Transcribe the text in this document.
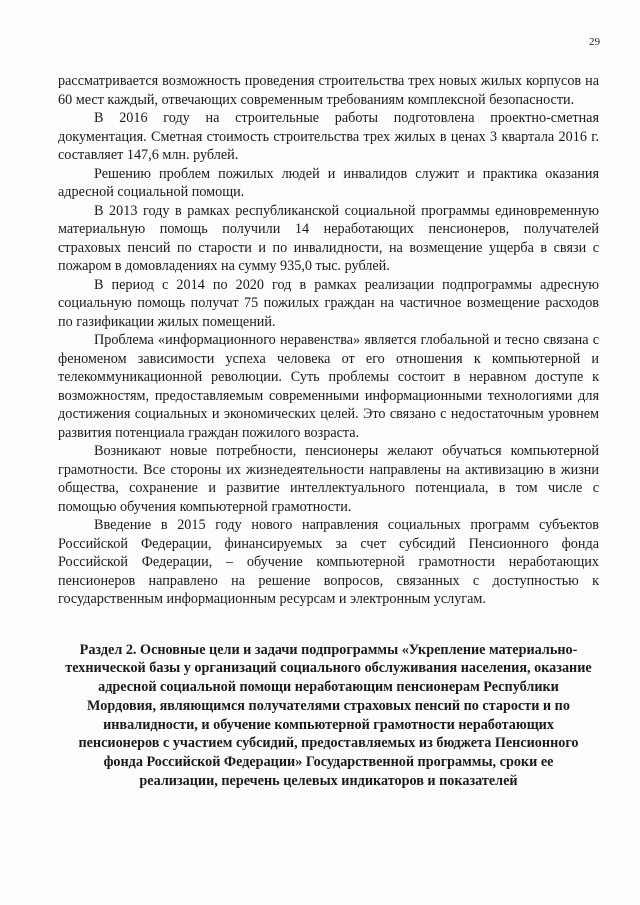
29

рассматривается возможность проведения строительства трех новых жилых корпусов на 60 мест каждый, отвечающих современным требованиям комплексной безопасности.

В 2016 году на строительные работы подготовлена проектно-сметная документация. Сметная стоимость строительства трех жилых в ценах 3 квартала 2016 г. составляет 147,6 млн. рублей.

Решению проблем пожилых людей и инвалидов служит и практика оказания адресной социальной помощи.

В 2013 году в рамках республиканской социальной программы единовременную материальную помощь получили 14 неработающих пенсионеров, получателей страховых пенсий по старости и по инвалидности, на возмещение ущерба в связи с пожаром в домовладениях на сумму 935,0 тыс. рублей.

В период с 2014 по 2020 год в рамках реализации подпрограммы адресную социальную помощь получат 75 пожилых граждан на частичное возмещение расходов по газификации жилых помещений.

Проблема «информационного неравенства» является глобальной и тесно связана с феноменом зависимости успеха человека от его отношения к компьютерной и телекоммуникационной революции. Суть проблемы состоит в неравном доступе к возможностям, предоставляемым современными информационными технологиями для достижения социальных и экономических целей. Это связано с недостаточным уровнем развития потенциала граждан пожилого возраста.

Возникают новые потребности, пенсионеры желают обучаться компьютерной грамотности. Все стороны их жизнедеятельности направлены на активизацию в жизни общества, сохранение и развитие интеллектуального потенциала, в том числе с помощью обучения компьютерной грамотности.

Введение в 2015 году нового направления социальных программ субъектов Российской Федерации, финансируемых за счет субсидий Пенсионного фонда Российской Федерации, – обучение компьютерной грамотности неработающих пенсионеров направлено на решение вопросов, связанных с доступностью к государственным информационным ресурсам и электронным услугам.

Раздел 2. Основные цели и задачи подпрограммы «Укрепление материально-технической базы у организаций социального обслуживания населения, оказание адресной социальной помощи неработающим пенсионерам Республики Мордовия, являющимся получателями страховых пенсий по старости и по инвалидности, и обучение компьютерной грамотности неработающих пенсионеров с участием субсидий, предоставляемых из бюджета Пенсионного фонда Российской Федерации» Государственной программы, сроки ее реализации, перечень целевых индикаторов и показателей
